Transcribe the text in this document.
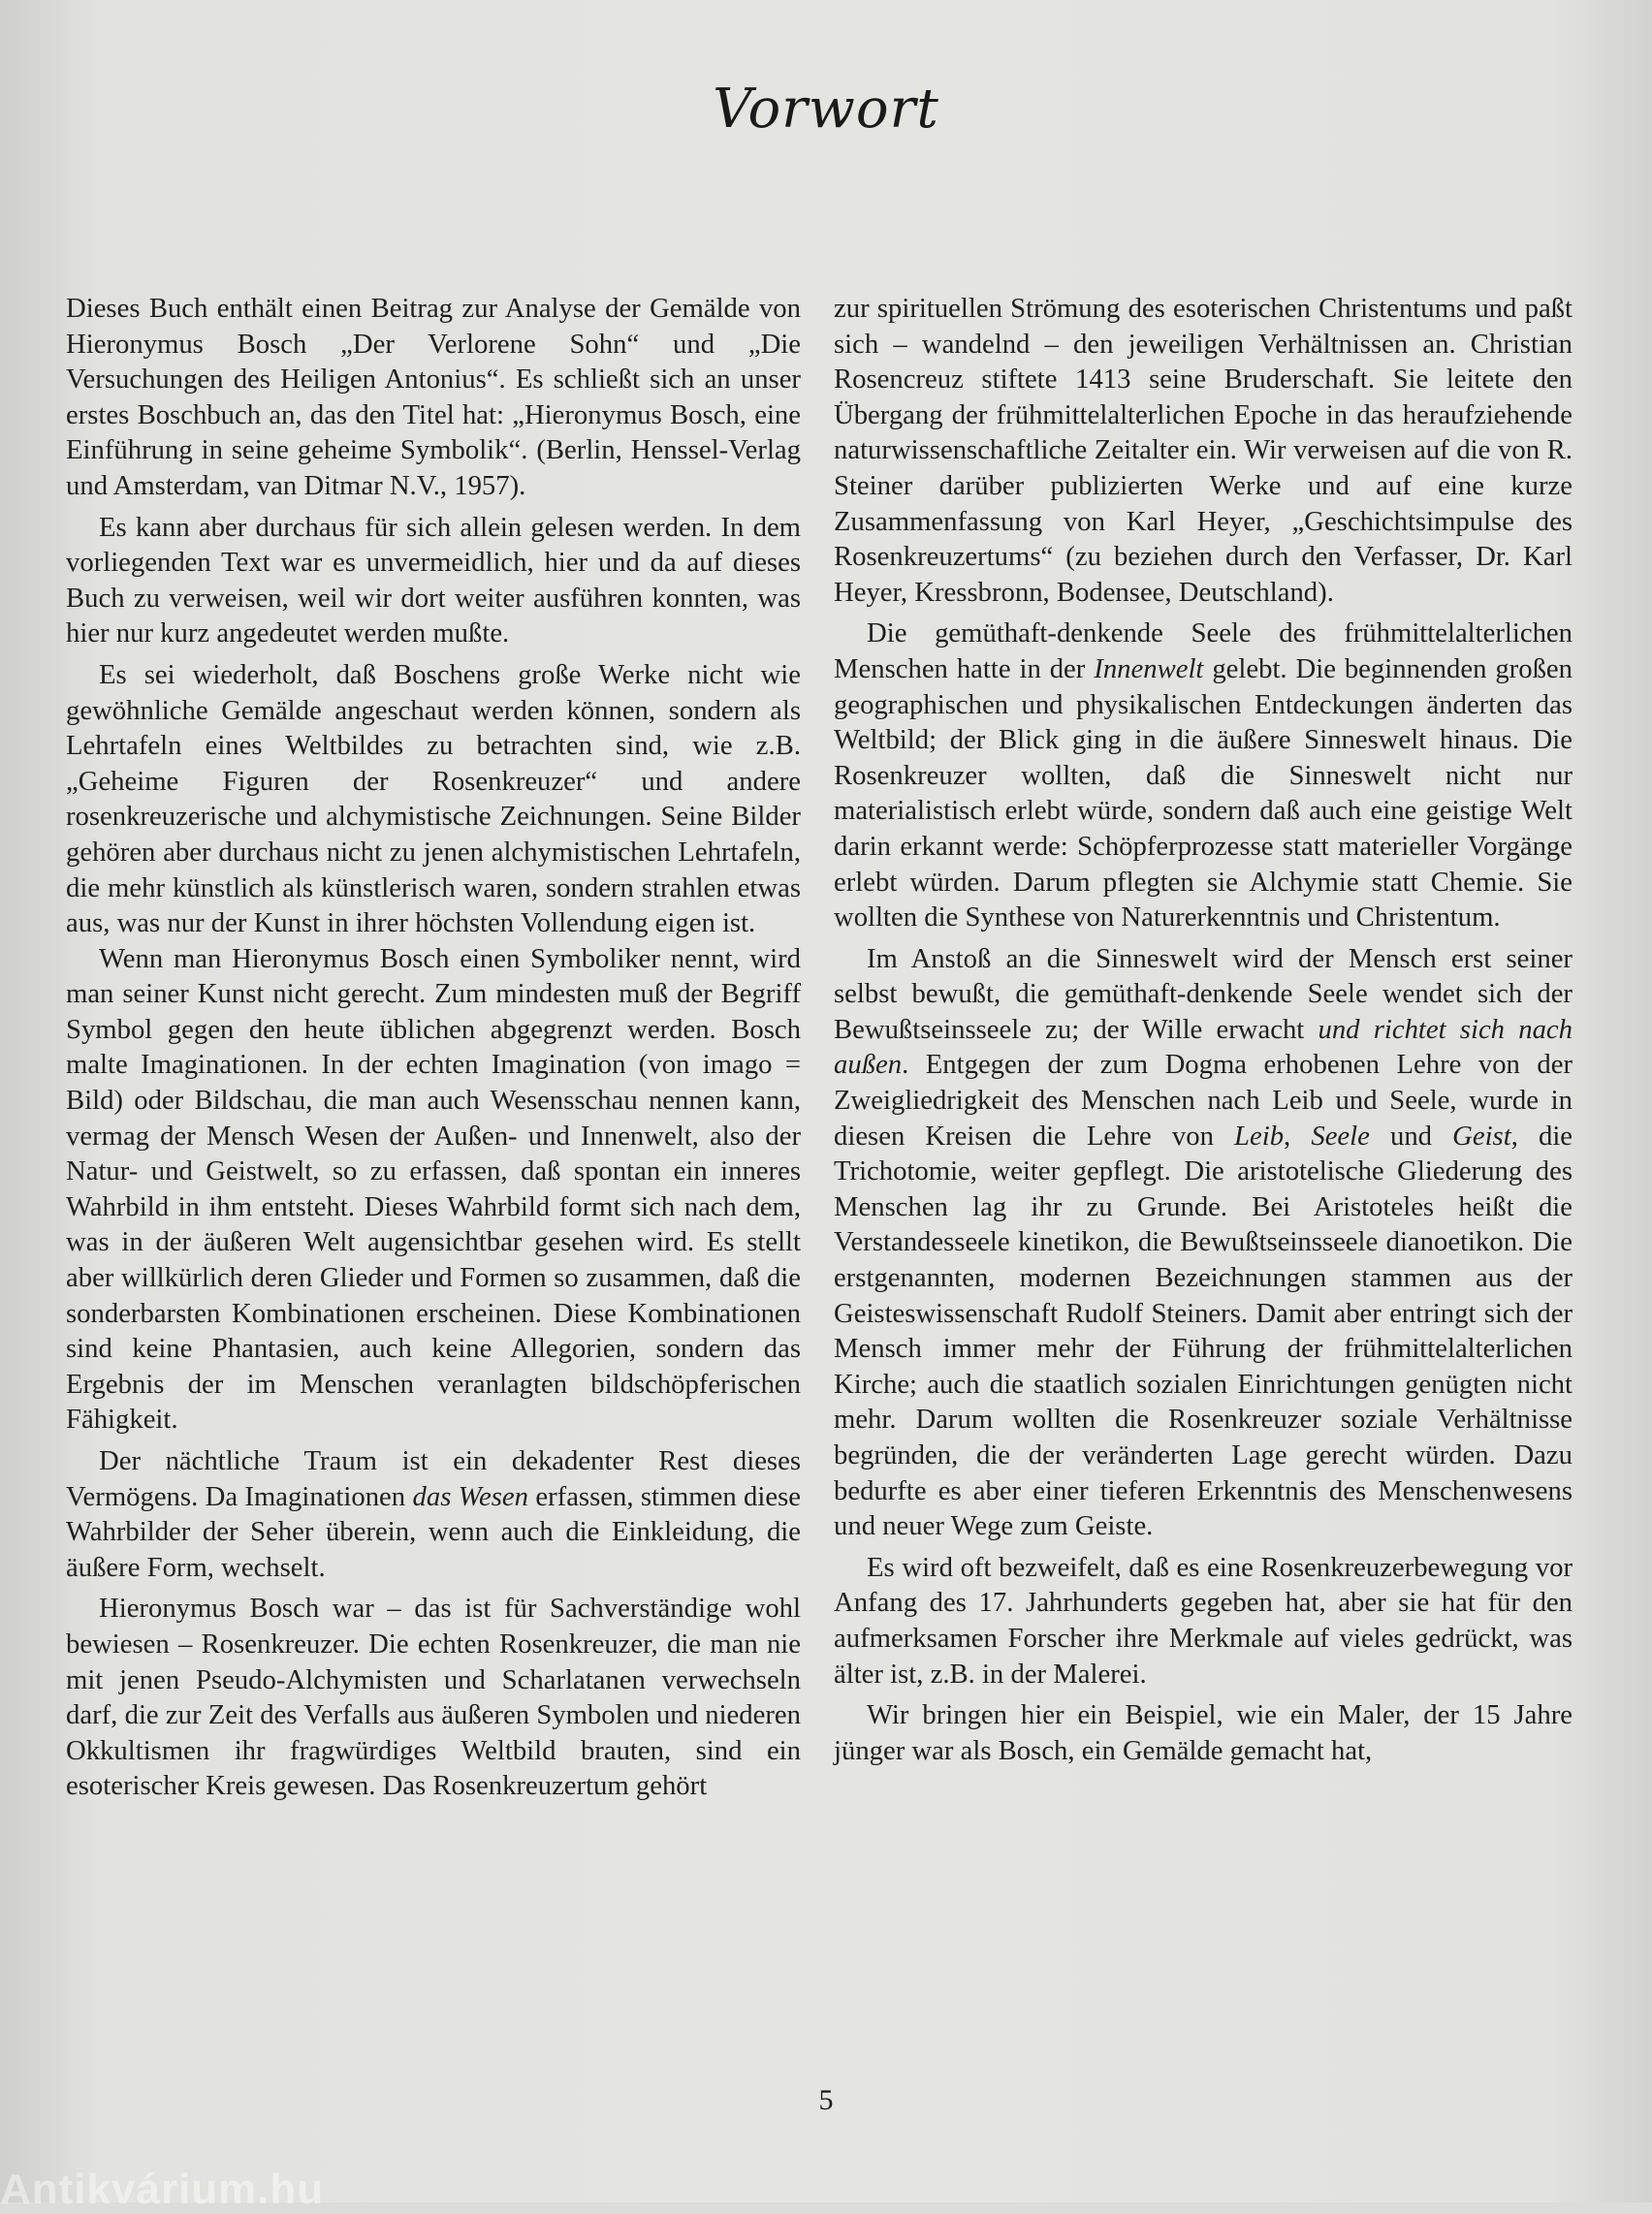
Vorwort

Dieses Buch enthält einen Beitrag zur Analyse der Gemälde von Hieronymus Bosch „Der Verlorene Sohn“ und „Die Versuchungen des Heiligen Antonius“. Es schließt sich an unser erstes Boschbuch an, das den Titel hat: „Hieronymus Bosch, eine Einführung in seine geheime Symbolik“. (Berlin, Henssel-Verlag und Amsterdam, van Ditmar N.V., 1957).

Es kann aber durchaus für sich allein gelesen werden. In dem vorliegenden Text war es unvermeidlich, hier und da auf dieses Buch zu verweisen, weil wir dort weiter ausführen konnten, was hier nur kurz angedeutet werden mußte.

Es sei wiederholt, daß Boschens große Werke nicht wie gewöhnliche Gemälde angeschaut werden können, sondern als Lehrtafeln eines Weltbildes zu betrachten sind, wie z.B. „Geheime Figuren der Rosenkreuzer“ und andere rosenkreuzerische und alchymistische Zeichnungen. Seine Bilder gehören aber durchaus nicht zu jenen alchymistischen Lehrtafeln, die mehr künstlich als künstlerisch waren, sondern strahlen etwas aus, was nur der Kunst in ihrer höchsten Vollendung eigen ist.

Wenn man Hieronymus Bosch einen Symboliker nennt, wird man seiner Kunst nicht gerecht. Zum mindesten muß der Begriff Symbol gegen den heute üblichen abgegrenzt werden. Bosch malte Imaginationen. In der echten Imagination (von imago = Bild) oder Bildschau, die man auch Wesensschau nennen kann, vermag der Mensch Wesen der Außen- und Innenwelt, also der Natur- und Geistwelt, so zu erfassen, daß spontan ein inneres Wahrbild in ihm entsteht. Dieses Wahrbild formt sich nach dem, was in der äußeren Welt augensichtbar gesehen wird. Es stellt aber willkürlich deren Glieder und Formen so zusammen, daß die sonderbarsten Kombinationen erscheinen. Diese Kombinationen sind keine Phantasien, auch keine Allegorien, sondern das Ergebnis der im Menschen veranlagten bildschöpferischen Fähigkeit.

Der nächtliche Traum ist ein dekadenter Rest dieses Vermögens. Da Imaginationen das Wesen erfassen, stimmen diese Wahrbilder der Seher überein, wenn auch die Einkleidung, die äußere Form, wechselt.

Hieronymus Bosch war – das ist für Sachverständige wohl bewiesen – Rosenkreuzer. Die echten Rosenkreuzer, die man nie mit jenen Pseudo-Alchymisten und Scharlatanen verwechseln darf, die zur Zeit des Verfalls aus äußeren Symbolen und niederen Okkultismen ihr fragwürdiges Weltbild brauten, sind ein esoterischer Kreis gewesen. Das Rosenkreuzertum gehört

zur spirituellen Strömung des esoterischen Christentums und paßt sich – wandelnd – den jeweiligen Verhältnissen an. Christian Rosencreuz stiftete 1413 seine Bruderschaft. Sie leitete den Übergang der frühmittelalterlichen Epoche in das heraufziehende naturwissenschaftliche Zeitalter ein. Wir verweisen auf die von R. Steiner darüber publizierten Werke und auf eine kurze Zusammenfassung von Karl Heyer, „Geschichtsimpulse des Rosenkreuzertums“ (zu beziehen durch den Verfasser, Dr. Karl Heyer, Kressbronn, Bodensee, Deutschland).

Die gemüthaft-denkende Seele des frühmittelalterlichen Menschen hatte in der Innenwelt gelebt. Die beginnenden großen geographischen und physikalischen Entdeckungen änderten das Weltbild; der Blick ging in die äußere Sinneswelt hinaus. Die Rosenkreuzer wollten, daß die Sinneswelt nicht nur materialistisch erlebt würde, sondern daß auch eine geistige Welt darin erkannt werde: Schöpferprozesse statt materieller Vorgänge erlebt würden. Darum pflegten sie Alchymie statt Chemie. Sie wollten die Synthese von Naturerkenntnis und Christentum.

Im Anstoß an die Sinneswelt wird der Mensch erst seiner selbst bewußt, die gemüthaft-denkende Seele wendet sich der Bewußtseinsseele zu; der Wille erwacht und richtet sich nach außen. Entgegen der zum Dogma erhobenen Lehre von der Zweigliedrigkeit des Menschen nach Leib und Seele, wurde in diesen Kreisen die Lehre von Leib, Seele und Geist, die Trichotomie, weiter gepflegt. Die aristotelische Gliederung des Menschen lag ihr zu Grunde. Bei Aristoteles heißt die Verstandesseele kinetikon, die Bewußtseinsseele dianoetikon. Die erstgenannten, modernen Bezeichnungen stammen aus der Geisteswissenschaft Rudolf Steiners. Damit aber entringt sich der Mensch immer mehr der Führung der frühmittelalterlichen Kirche; auch die staatlich sozialen Einrichtungen genügten nicht mehr. Darum wollten die Rosenkreuzer soziale Verhältnisse begründen, die der veränderten Lage gerecht würden. Dazu bedurfte es aber einer tieferen Erkenntnis des Menschenwesens und neuer Wege zum Geiste.

Es wird oft bezweifelt, daß es eine Rosenkreuzerbewegung vor Anfang des 17. Jahrhunderts gegeben hat, aber sie hat für den aufmerksamen Forscher ihre Merkmale auf vieles gedrückt, was älter ist, z.B. in der Malerei.

Wir bringen hier ein Beispiel, wie ein Maler, der 15 Jahre jünger war als Bosch, ein Gemälde gemacht hat,

5
Antikvárium.hu
